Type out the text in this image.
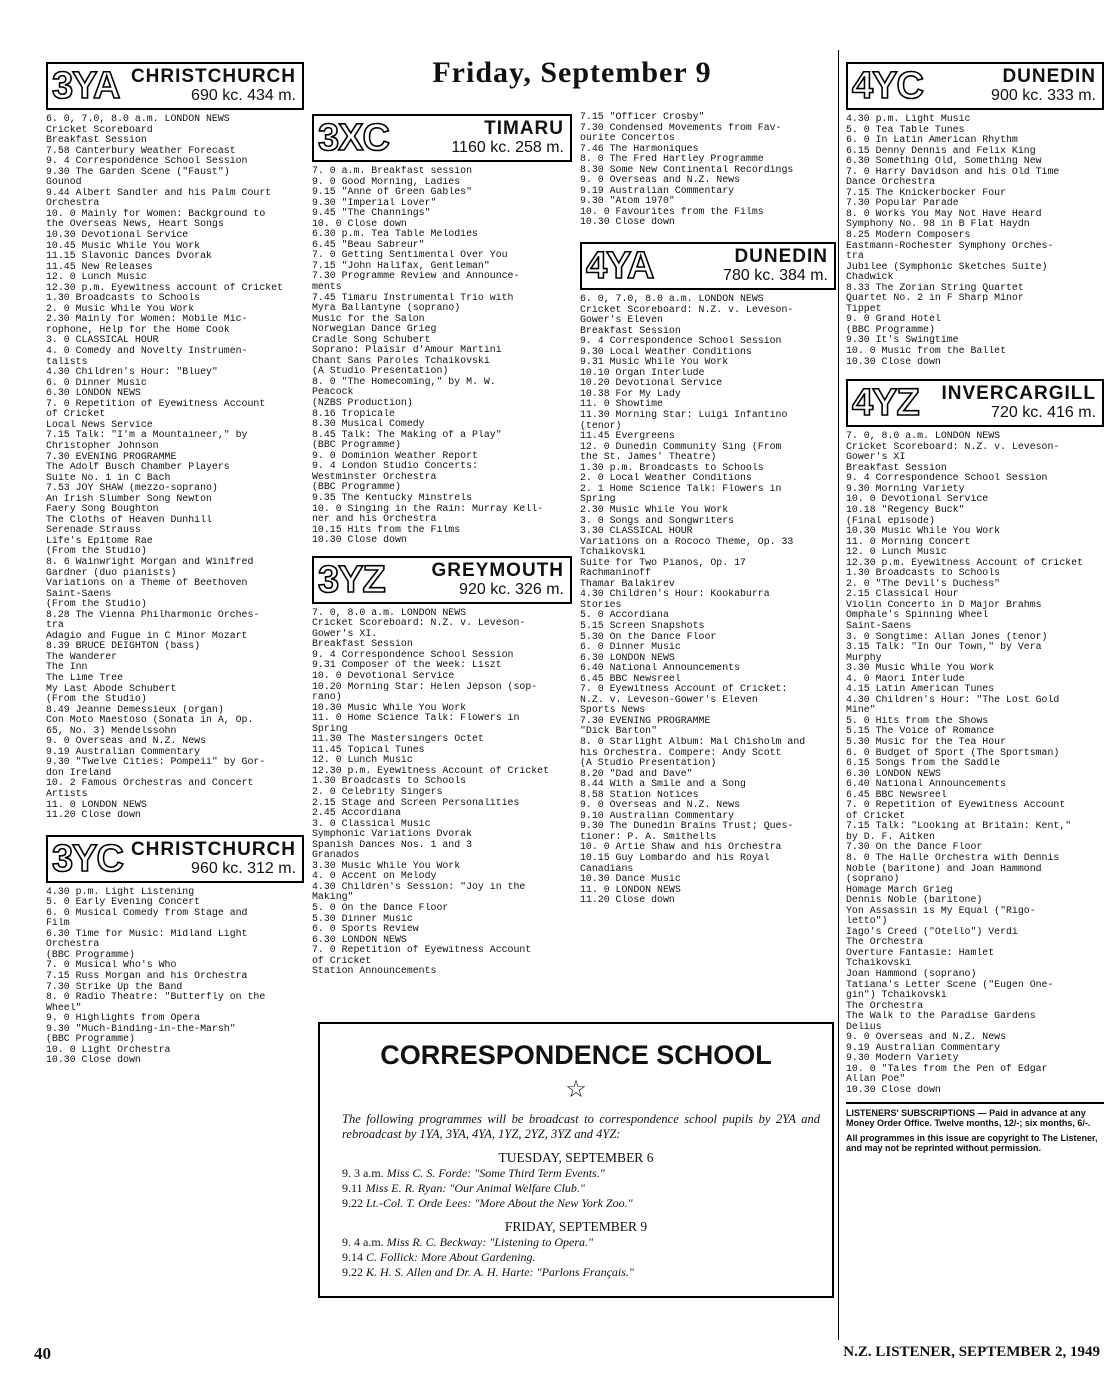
Friday, September 9
3YA CHRISTCHURCH
690 kc. 434 m.
6. 0, 7.0, 8.0 a.m. LONDON NEWS
Cricket Scoreboard
Breakfast Session
7.58 Canterbury Weather Forecast
9. 4 Correspondence School Session
9.30 The Garden Scene ("Faust")
Gounod
9.44 Albert Sandler and his Palm Court
Orchestra
10. 0 Mainly for Women: Background to
the Overseas News, Heart Songs
10.30 Devotional Service
10.45 Music While You Work
11.15 Slavonic Dances Dvorak
11.45 New Releases
12. 0 Lunch Music
12.30 p.m. Eyewitness account of Cricket
1.30 Broadcasts to Schools
2. 0 Music While You Work
2.30 Mainly for Women: Mobile Mic-
rophone, Help for the Home Cook
3. 0 CLASSICAL HOUR
4. 0 Comedy and Novelty Instrumen-
talists
4.30 Children's Hour: "Bluey"
6. 0 Dinner Music
6.30 LONDON NEWS
7. 0 Repetition of Eyewitness Account
of Cricket
Local News Service
7.15 Talk: "I'm a Mountaineer," by
Christopher Johnson
7.30 EVENING PROGRAMME
The Adolf Busch Chamber Players
Suite No. 1 in C Bach
7.53 JOY SHAW (mezzo-soprano)
An Irish Slumber Song Newton
Faery Song Boughton
The Cloths of Heaven Dunhill
Serenade Strauss
Life's Epitome Rae
(From the Studio)
8. 6 Wainwright Morgan and Winifred
Gardner (duo pianists)
Variations on a Theme of Beethoven
Saint-Saens
(From the Studio)
8.28 The Vienna Philharmonic Orches-
tra
Adagio and Fugue in C Minor Mozart
8.39 BRUCE DEIGHTON (bass)
The Wanderer
The Inn
The Lime Tree
My Last Abode Schubert
(From the Studio)
8.49 Jeanne Demessieux (organ)
Con Moto Maestoso (Sonata in A, Op.
65, No. 3) Mendelssohn
9. 0 Overseas and N.Z. News
9.19 Australian Commentary
9.30 "Twelve Cities: Pompeii" by Gor-
don Ireland
10. 2 Famous Orchestras and Concert
Artists
11. 0 LONDON NEWS
11.20 Close down
3YC CHRISTCHURCH
960 kc. 312 m.
4.30 p.m. Light Listening
5. 0 Early Evening Concert
6. 0 Musical Comedy from Stage and
Film
6.30 Time for Music: Midland Light
Orchestra
(BBC Programme)
7. 0 Musical Who's Who
7.15 Russ Morgan and his Orchestra
7.30 Strike Up the Band
8. 0 Radio Theatre: "Butterfly on the
Wheel"
9. 0 Highlights from Opera
9.30 "Much-Binding-in-the-Marsh"
(BBC Programme)
10. 0 Light Orchestra
10.30 Close down
3XC	TIMARU
1160 kc. 258 m.
7. 0 a.m. Breakfast session
9. 0 Good Morning, Ladies
9.15 "Anne of Green Gables"
9.30 "Imperial Lover"
9.45 "The Channings"
10. 0 Close down
6.30 p.m. Tea Table Melodies
6.45 "Beau Sabreur"
7. 0 Getting Sentimental Over You
7.15 "John Halifax, Gentleman"
7.30 Programme Review and Announce-
ments
7.45 Timaru Instrumental Trio with
Myra Ballantyne (soprano)
Music for the Salon
Norwegian Dance Grieg
Cradle Song Schubert
Soprano: Plaisir d'Amour Martini
Chant Sans Paroles Tchaikovski
(A Studio Presentation)
8. 0 "The Homecoming," by M. W.
Peacock
(NZBS Production)
8.16 Tropicale
8.30 Musical Comedy
8.45 Talk: The Making of a Play"
(BBC Programme)
9. 0 Dominion Weather Report
9. 4 London Studio Concerts:
Westminster Orchestra
(BBC Programme)
9.35 The Kentucky Minstrels
10. 0 Singing in the Rain: Murray Kell-
ner and his Orchestra
10.15 Hits from the Films
10.30 Close down
3YZ GREYMOUTH
920 kc. 326 m.
7. 0, 8.0 a.m. LONDON NEWS
Cricket Scoreboard: N.Z. v. Leveson-
Gower's XI.
Breakfast Session
9. 4 Correspondence School Session
9.31 Composer of the Week: Liszt
10. 0 Devotional Service
10.20 Morning Star: Helen Jepson (sop-
rano)
10.30 Music While You Work
11. 0 Home Science Talk: Flowers in
Spring
11.30 The Mastersingers Octet
11.45 Topical Tunes
12. 0 Lunch Music
12.30 p.m. Eyewitness Account of Cricket
1.30 Broadcasts to Schools
2. 0 Celebrity Singers
2.15 Stage and Screen Personalities
2.45 Accordiana
3. 0 Classical Music
Symphonic Variations Dvorak
Spanish Dances Nos. 1 and 3
Granados
3.30 Music While You Work
4. 0 Accent on Melody
4.30 Children's Session: "Joy in the
Making"
5. 0 On the Dance Floor
5.30 Dinner Music
6. 0 Sports Review
6.30 LONDON NEWS
7. 0 Repetition of Eyewitness Account
of Cricket
Station Announcements
7.15 "Officer Crosby"
7.30 Condensed Movements from Fav-
ourite Concertos
7.46 The Harmoniques
8. 0 The Fred Hartley Programme
8.30 Some New Continental Recordings
9. 0 Overseas and N.Z. News
9.19 Australian Commentary
9.30 "Atom 1970"
10. 0 Favourites from the Films
10.30 Close down
4YA	DUNEDIN
780 kc. 384 m.
6. 0, 7.0, 8.0 a.m. LONDON NEWS
Cricket Scoreboard: N.Z. v. Leveson-
Gower's Eleven
Breakfast Session
9. 4 Correspondence School Session
9.30 Local Weather Conditions
9.31 Music While You Work
10.10 Organ Interlude
10.20 Devotional Service
10.38 For My Lady
11. 0 Showtime
11.30 Morning Star: Luigi Infantino
(tenor)
11.45 Evergreens
12. 0 Dunedin Community Sing (From
the St. James' Theatre)
1.30 p.m. Broadcasts to Schools
2. 0 Local Weather Conditions
2. 1 Home Science Talk: Flowers in
Spring
2.30 Music While You Work
3. 0 Songs and Songwriters
3.30 CLASSICAL HOUR
Variations on a Rococo Theme, Op. 33
Tchaikovski
Suite for Two Pianos, Op. 17
Rachmaninoff
Thamar Balakirev
4.30 Children's Hour: Kookaburra
Stories
5. 0 Accordiana
5.15 Screen Snapshots
5.30 On the Dance Floor
6. 0 Dinner Music
6.30 LONDON NEWS
6.40 National Announcements
6.45 BBC Newsreel
7. 0 Eyewitness Account of Cricket:
N.Z. v. Leveson-Gower's Eleven
Sports News
7.30 EVENING PROGRAMME
"Dick Barton"
8. 0 Starlight Album: Mal Chisholm and
his Orchestra. Compere: Andy Scott
(A Studio Presentation)
8.20 "Dad and Dave"
8.44 With a Smile and a Song
8.58 Station Notices
9. 0 Overseas and N.Z. News
9.10 Australian Commentary
9.30 The Dunedin Brains Trust; Ques-
tioner: P. A. Smithells
10. 0 Artie Shaw and his Orchestra
10.15 Guy Lombardo and his Royal
Canadians
10.30 Dance Music
11. 0 LONDON NEWS
11.20 Close down
4YC	DUNEDIN
900 kc. 333 m.
4.30 p.m. Light Music
5. 0 Tea Table Tunes
6. 0 In Latin American Rhythm
6.15 Denny Dennis and Felix King
6.30 Something Old, Something New
7. 0 Harry Davidson and his Old Time
Dance Orchestra
7.15 The Knickerbocker Four
7.30 Popular Parade
8. 0 Works You May Not Have Heard
Symphony No. 98 in B Flat Haydn
8.25 Modern Composers
Eastmann-Rochester Symphony Orches-
tra
Jubilee (Symphonic Sketches Suite)
Chadwick
8.33 The Zorian String Quartet
Quartet No. 2 in F Sharp Minor
Tippet
9. 0 Grand Hotel
(BBC Programme)
9.30 It's Swingtime
10. 0 Music from the Ballet
10.30 Close down
4YZ INVERCARGILL
720 kc. 416 m.
7. 0, 8.0 a.m. LONDON NEWS
Cricket Scoreboard: N.Z. v. Leveson-
Gower's XI
Breakfast Session
9. 4 Correspondence School Session
9.30 Morning Variety
10. 0 Devotional Service
10.18 "Regency Buck"
(Final episode)
10.30 Music While You Work
11. 0 Morning Concert
12. 0 Lunch Music
12.30 p.m. Eyewitness Account of Cricket
1.30 Broadcasts to Schools
2. 0 "The Devil's Duchess"
2.15 Classical Hour
Violin Concerto in D Major Brahms
Omphale's Spinning Wheel
Saint-Saens
3. 0 Songtime: Allan Jones (tenor)
3.15 Talk: "In Our Town," by Vera
Murphy
3.30 Music While You Work
4. 0 Maori Interlude
4.15 Latin American Tunes
4.30 Children's Hour: "The Lost Gold
Mine"
5. 0 Hits from the Shows
5.15 The Voice of Romance
5.30 Music for the Tea Hour
6. 0 Budget of Sport (The Sportsman)
6.15 Songs from the Saddle
6.30 LONDON NEWS
6.40 National Announcements
6.45 BBC Newsreel
7. 0 Repetition of Eyewitness Account
of Cricket
7.15 Talk: "Looking at Britain: Kent,"
by D. F. Aitken
7.30 On the Dance Floor
8. 0 The Halle Orchestra with Dennis
Noble (baritone) and Joan Hammond
(soprano)
Homage March Grieg
Dennis Noble (baritone)
Yon Assassin is My Equal ("Rigo-
letto")
Iago's Creed ("Otello") Verdi
The Orchestra
Overture Fantasie: Hamlet
Tchaikovski
Joan Hammond (soprano)
Tatiana's Letter Scene ("Eugen One-
gin") Tchaikovski
The Orchestra
The Walk to the Paradise Gardens
Delius
9. 0 Overseas and N.Z. News
9.19 Australian Commentary
9.30 Modern Variety
10. 0 "Tales from the Pen of Edgar
Allan Poe"
10.30 Close down
LISTENERS' SUBSCRIPTIONS — Paid in advance at any Money Order Office. Twelve months, 12/-; six months, 6/-.
All programmes in this issue are copyright to The Listener, and may not be reprinted without permission.
CORRESPONDENCE SCHOOL
☆
The following programmes will be broadcast to correspondence school pupils by 2YA and rebroadcast by 1YA, 3YA, 4YA, 1YZ, 2YZ, 3YZ and 4YZ:
TUESDAY, SEPTEMBER 6
9. 3 a.m. Miss C. S. Forde: "Some Third Term Events."
9.11 Miss E. R. Ryan: "Our Animal Welfare Club."
9.22 Lt.-Col. T. Orde Lees: "More About the New York Zoo."
FRIDAY, SEPTEMBER 9
9. 4 a.m. Miss R. C. Beckway: "Listening to Opera."
9.14 C. Follick: More About Gardening.
9.22 K. H. S. Allen and Dr. A. H. Harte: "Parlons Français."
40	N.Z. LISTENER, SEPTEMBER 2, 1949
